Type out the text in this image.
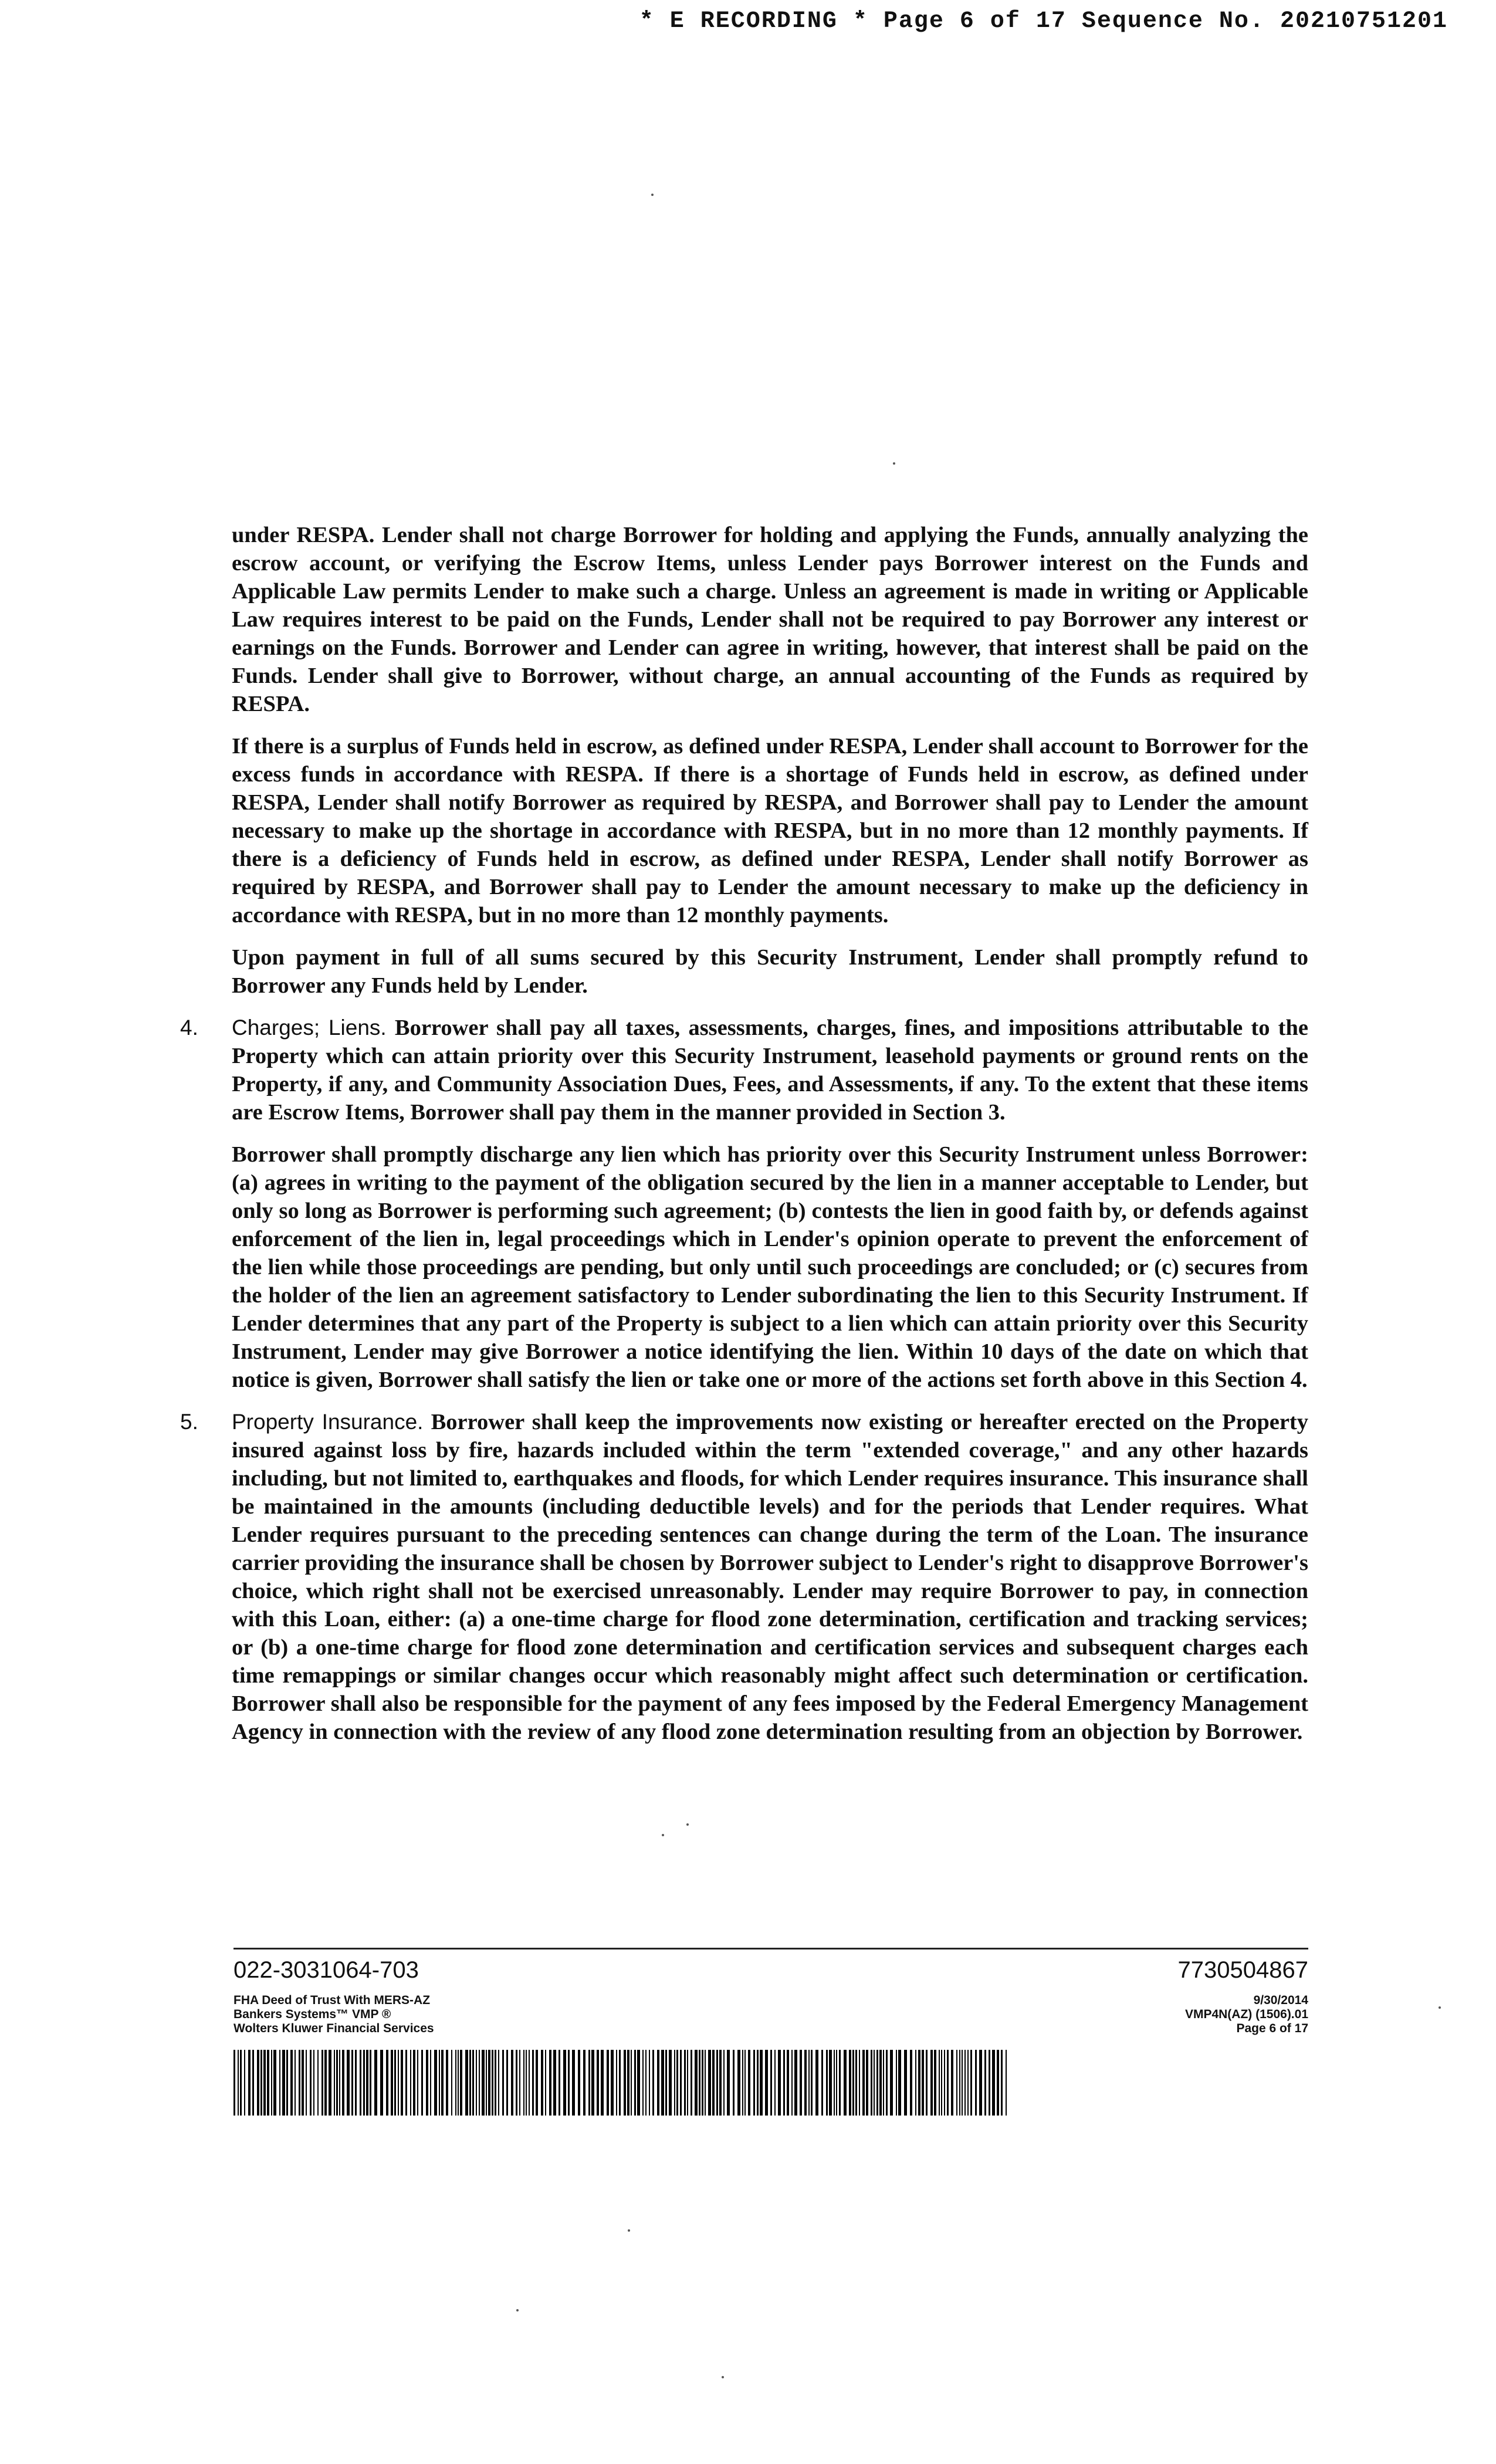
* E RECORDING * Page 6 of 17 Sequence No. 20210751201

under RESPA. Lender shall not charge Borrower for holding and applying the Funds, annually analyzing the escrow account, or verifying the Escrow Items, unless Lender pays Borrower interest on the Funds and Applicable Law permits Lender to make such a charge. Unless an agreement is made in writing or Applicable Law requires interest to be paid on the Funds, Lender shall not be required to pay Borrower any interest or earnings on the Funds. Borrower and Lender can agree in writing, however, that interest shall be paid on the Funds. Lender shall give to Borrower, without charge, an annual accounting of the Funds as required by RESPA.

If there is a surplus of Funds held in escrow, as defined under RESPA, Lender shall account to Borrower for the excess funds in accordance with RESPA. If there is a shortage of Funds held in escrow, as defined under RESPA, Lender shall notify Borrower as required by RESPA, and Borrower shall pay to Lender the amount necessary to make up the shortage in accordance with RESPA, but in no more than 12 monthly payments. If there is a deficiency of Funds held in escrow, as defined under RESPA, Lender shall notify Borrower as required by RESPA, and Borrower shall pay to Lender the amount necessary to make up the deficiency in accordance with RESPA, but in no more than 12 monthly payments.

Upon payment in full of all sums secured by this Security Instrument, Lender shall promptly refund to Borrower any Funds held by Lender.

4. Charges; Liens. Borrower shall pay all taxes, assessments, charges, fines, and impositions attributable to the Property which can attain priority over this Security Instrument, leasehold payments or ground rents on the Property, if any, and Community Association Dues, Fees, and Assessments, if any. To the extent that these items are Escrow Items, Borrower shall pay them in the manner provided in Section 3.

Borrower shall promptly discharge any lien which has priority over this Security Instrument unless Borrower: (a) agrees in writing to the payment of the obligation secured by the lien in a manner acceptable to Lender, but only so long as Borrower is performing such agreement; (b) contests the lien in good faith by, or defends against enforcement of the lien in, legal proceedings which in Lender's opinion operate to prevent the enforcement of the lien while those proceedings are pending, but only until such proceedings are concluded; or (c) secures from the holder of the lien an agreement satisfactory to Lender subordinating the lien to this Security Instrument. If Lender determines that any part of the Property is subject to a lien which can attain priority over this Security Instrument, Lender may give Borrower a notice identifying the lien. Within 10 days of the date on which that notice is given, Borrower shall satisfy the lien or take one or more of the actions set forth above in this Section 4.

5. Property Insurance. Borrower shall keep the improvements now existing or hereafter erected on the Property insured against loss by fire, hazards included within the term "extended coverage," and any other hazards including, but not limited to, earthquakes and floods, for which Lender requires insurance. This insurance shall be maintained in the amounts (including deductible levels) and for the periods that Lender requires. What Lender requires pursuant to the preceding sentences can change during the term of the Loan. The insurance carrier providing the insurance shall be chosen by Borrower subject to Lender's right to disapprove Borrower's choice, which right shall not be exercised unreasonably. Lender may require Borrower to pay, in connection with this Loan, either: (a) a one-time charge for flood zone determination, certification and tracking services; or (b) a one-time charge for flood zone determination and certification services and subsequent charges each time remappings or similar changes occur which reasonably might affect such determination or certification. Borrower shall also be responsible for the payment of any fees imposed by the Federal Emergency Management Agency in connection with the review of any flood zone determination resulting from an objection by Borrower.

022-3031064-703	7730504867
FHA Deed of Trust With MERS-AZ
Bankers Systems™ VMP ®
Wolters Kluwer Financial Services
9/30/2014
VMP4N(AZ) (1506).01
Page 6 of 17
